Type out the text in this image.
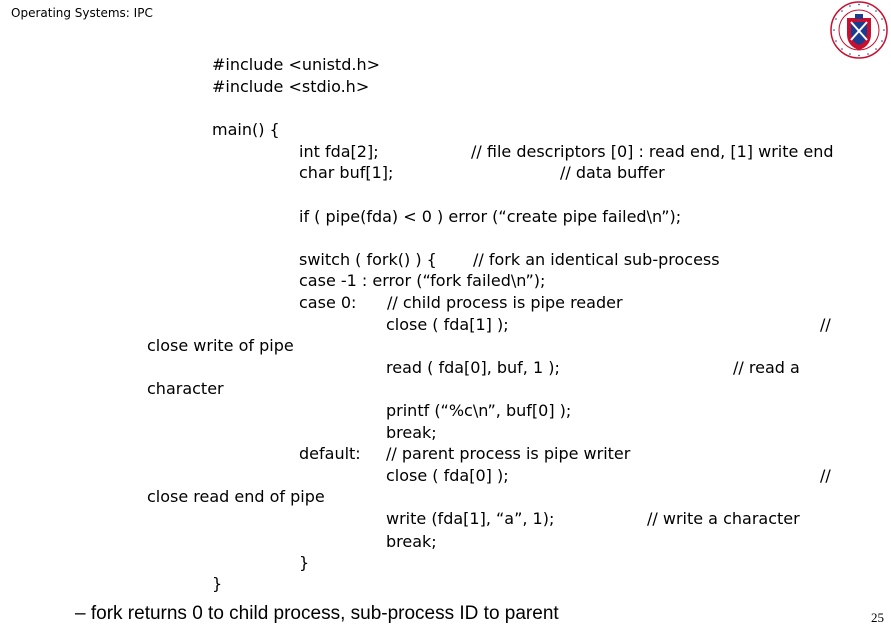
Operating Systems: IPC
#include <unistd.h>
#include <stdio.h>
main() {
int fda[2];	// file descriptors [0] : read end, [1] write end
char buf[1];	// data buffer
if ( pipe(fda) < 0 ) error (“create pipe failed\n”);
switch ( fork() ) { // fork an identical sub-process
case -1 : error (“fork failed\n”);
case 0: // child process is pipe reader
close ( fda[1] );	//
close write of pipe
read ( fda[0], buf, 1 );	// read a
character
printf (“%c\n”, buf[0] );
break;
default: // parent process is pipe writer
close ( fda[0] );	//
close read end of pipe
write (fda[1], “a”, 1);	// write a character
break;
}
}
– fork returns 0 to child process, sub-process ID to parent	25
